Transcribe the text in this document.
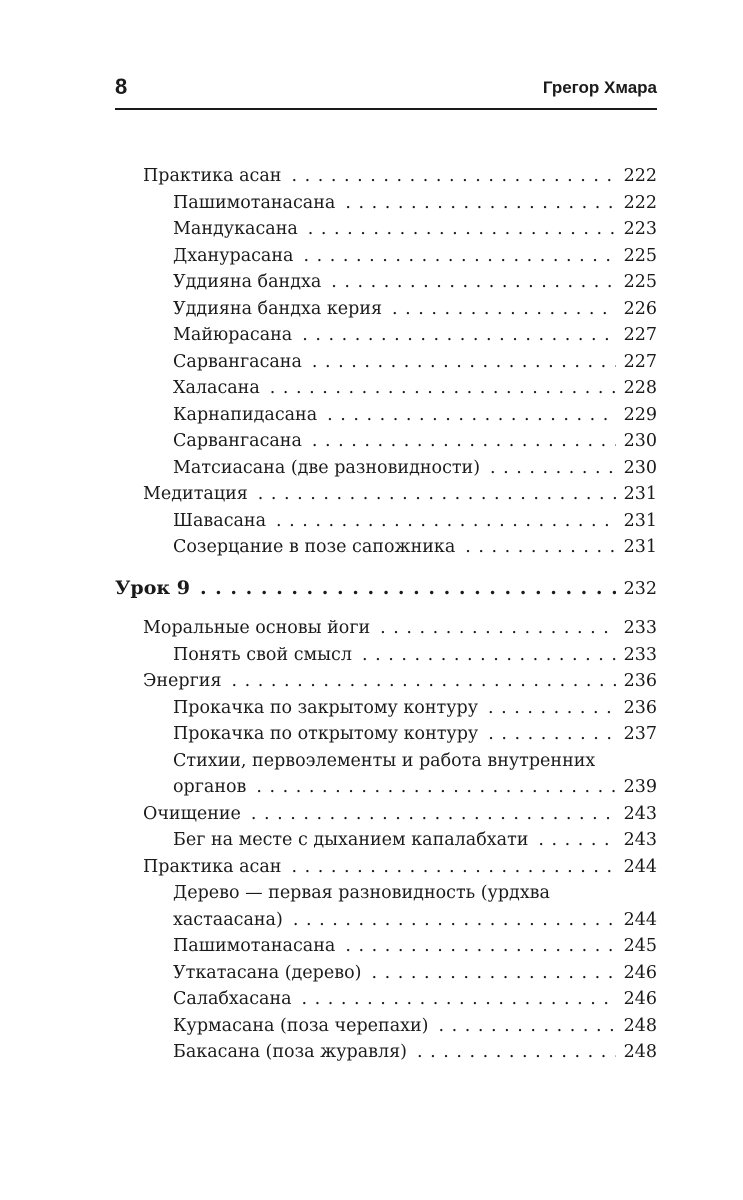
8	Грегор Хмара
Практика асан . . .	222
Пашимотанасана . . .	222
Мандукасана . . .	223
Дханурасана . . .	225
Уддияна бандха . . .	225
Уддияна бандха керия . . .	226
Майюрасана . . .	227
Сарвангасана . . .	227
Халасана . . .	228
Карнапидасана . . .	229
Сарвангасана . . .	230
Матсиасана (две разновидности) . . .	230
Медитация . . .	231
Шавасана . . .	231
Созерцание в позе сапожника . . .	231
Урок 9 . . .	232
Моральные основы йоги . . .	233
Понять свой смысл . . .	233
Энергия . . .	236
Прокачка по закрытому контуру . . .	236
Прокачка по открытому контуру . . .	237
Стихии, первоэлементы и работа внутренних
органов . . .	239
Очищение . . .	243
Бег на месте с дыханием капалабхати . . .	243
Практика асан . . .	244
Дерево — первая разновидность (урдхва
хастаасана) . . .	244
Пашимотанасана . . .	245
Уткатасана (дерево) . . .	246
Салабхасана . . .	246
Курмасана (поза черепахи) . . .	248
Бакасана (поза журавля) . . .	248
